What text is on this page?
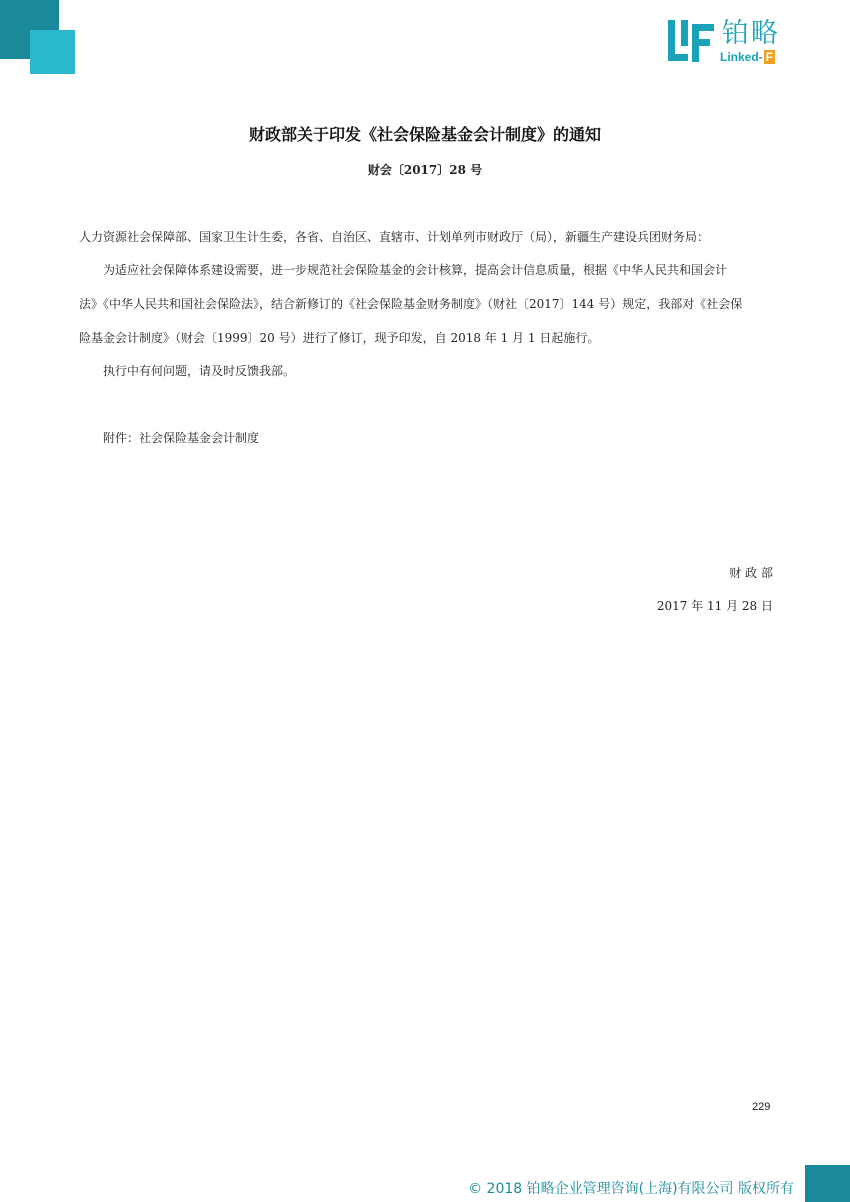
铂略
Linked- F
财政部关于印发《社会保险基金会计制度》的通知
财会〔2017〕28 号
人力资源社会保障部、国家卫生计生委，各省、自治区、直辖市、计划单列市财政厅（局），新疆生产建设兵团财务局：
为适应社会保障体系建设需要，进一步规范社会保险基金的会计核算，提高会计信息质量，根据《中华人民共和国会计
法》《中华人民共和国社会保险法》，结合新修订的《社会保险基金财务制度》（财社〔2017〕144 号）规定，我部对《社会保
险基金会计制度》（财会〔1999〕20 号）进行了修订，现予印发，自 2018 年 1 月 1 日起施行。
执行中有何问题，请及时反馈我部。
附件：社会保险基金会计制度
财 政 部
2017 年 11 月 28 日
229
© 2018 铂略企业管理咨询(上海)有限公司 版权所有
